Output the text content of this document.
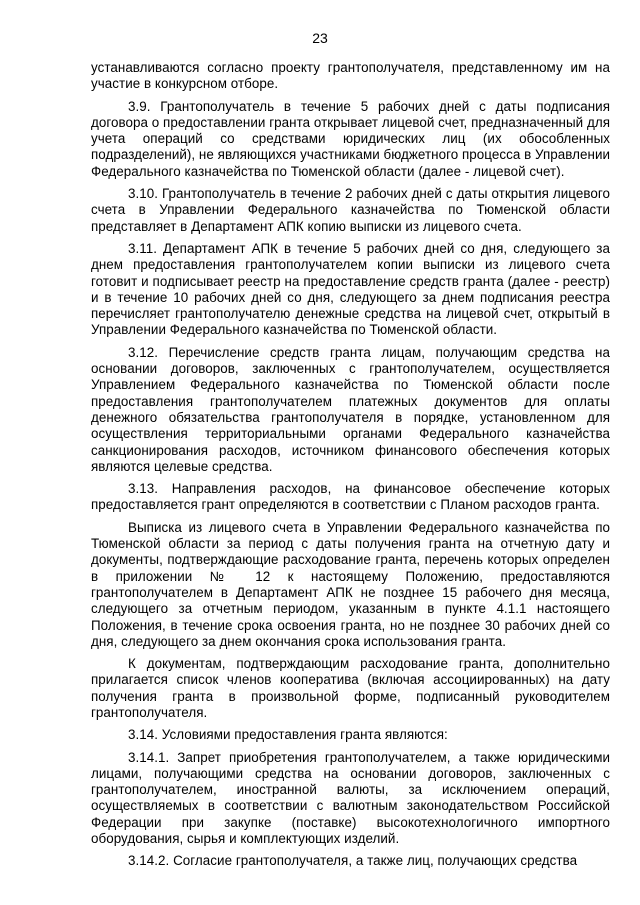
23

устанавливаются согласно проекту грантополучателя, представленному им на участие в конкурсном отборе.

3.9. Грантополучатель в течение 5 рабочих дней с даты подписания договора о предоставлении гранта открывает лицевой счет, предназначенный для учета операций со средствами юридических лиц (их обособленных подразделений), не являющихся участниками бюджетного процесса в Управлении Федерального казначейства по Тюменской области (далее - лицевой счет).

3.10. Грантополучатель в течение 2 рабочих дней с даты открытия лицевого счета в Управлении Федерального казначейства по Тюменской области представляет в Департамент АПК копию выписки из лицевого счета.

3.11. Департамент АПК в течение 5 рабочих дней со дня, следующего за днем предоставления грантополучателем копии выписки из лицевого счета готовит и подписывает реестр на предоставление средств гранта (далее - реестр) и в течение 10 рабочих дней со дня, следующего за днем подписания реестра перечисляет грантополучателю денежные средства на лицевой счет, открытый в Управлении Федерального казначейства по Тюменской области.

3.12. Перечисление средств гранта лицам, получающим средства на основании договоров, заключенных с грантополучателем, осуществляется Управлением Федерального казначейства по Тюменской области после предоставления грантополучателем платежных документов для оплаты денежного обязательства грантополучателя в порядке, установленном для осуществления территориальными органами Федерального казначейства санкционирования расходов, источником финансового обеспечения которых являются целевые средства.

3.13. Направления расходов, на финансовое обеспечение которых предоставляется грант определяются в соответствии с Планом расходов гранта.

Выписка из лицевого счета в Управлении Федерального казначейства по Тюменской области за период с даты получения гранта на отчетную дату и документы, подтверждающие расходование гранта, перечень которых определен в приложении № 12 к настоящему Положению, предоставляются грантополучателем в Департамент АПК не позднее 15 рабочего дня месяца, следующего за отчетным периодом, указанным в пункте 4.1.1 настоящего Положения, в течение срока освоения гранта, но не позднее 30 рабочих дней со дня, следующего за днем окончания срока использования гранта.

К документам, подтверждающим расходование гранта, дополнительно прилагается список членов кооператива (включая ассоциированных) на дату получения гранта в произвольной форме, подписанный руководителем грантополучателя.

3.14. Условиями предоставления гранта являются:

3.14.1. Запрет приобретения грантополучателем, а также юридическими лицами, получающими средства на основании договоров, заключенных с грантополучателем, иностранной валюты, за исключением операций, осуществляемых в соответствии с валютным законодательством Российской Федерации при закупке (поставке) высокотехнологичного импортного оборудования, сырья и комплектующих изделий.

3.14.2. Согласие грантополучателя, а также лиц, получающих средства
